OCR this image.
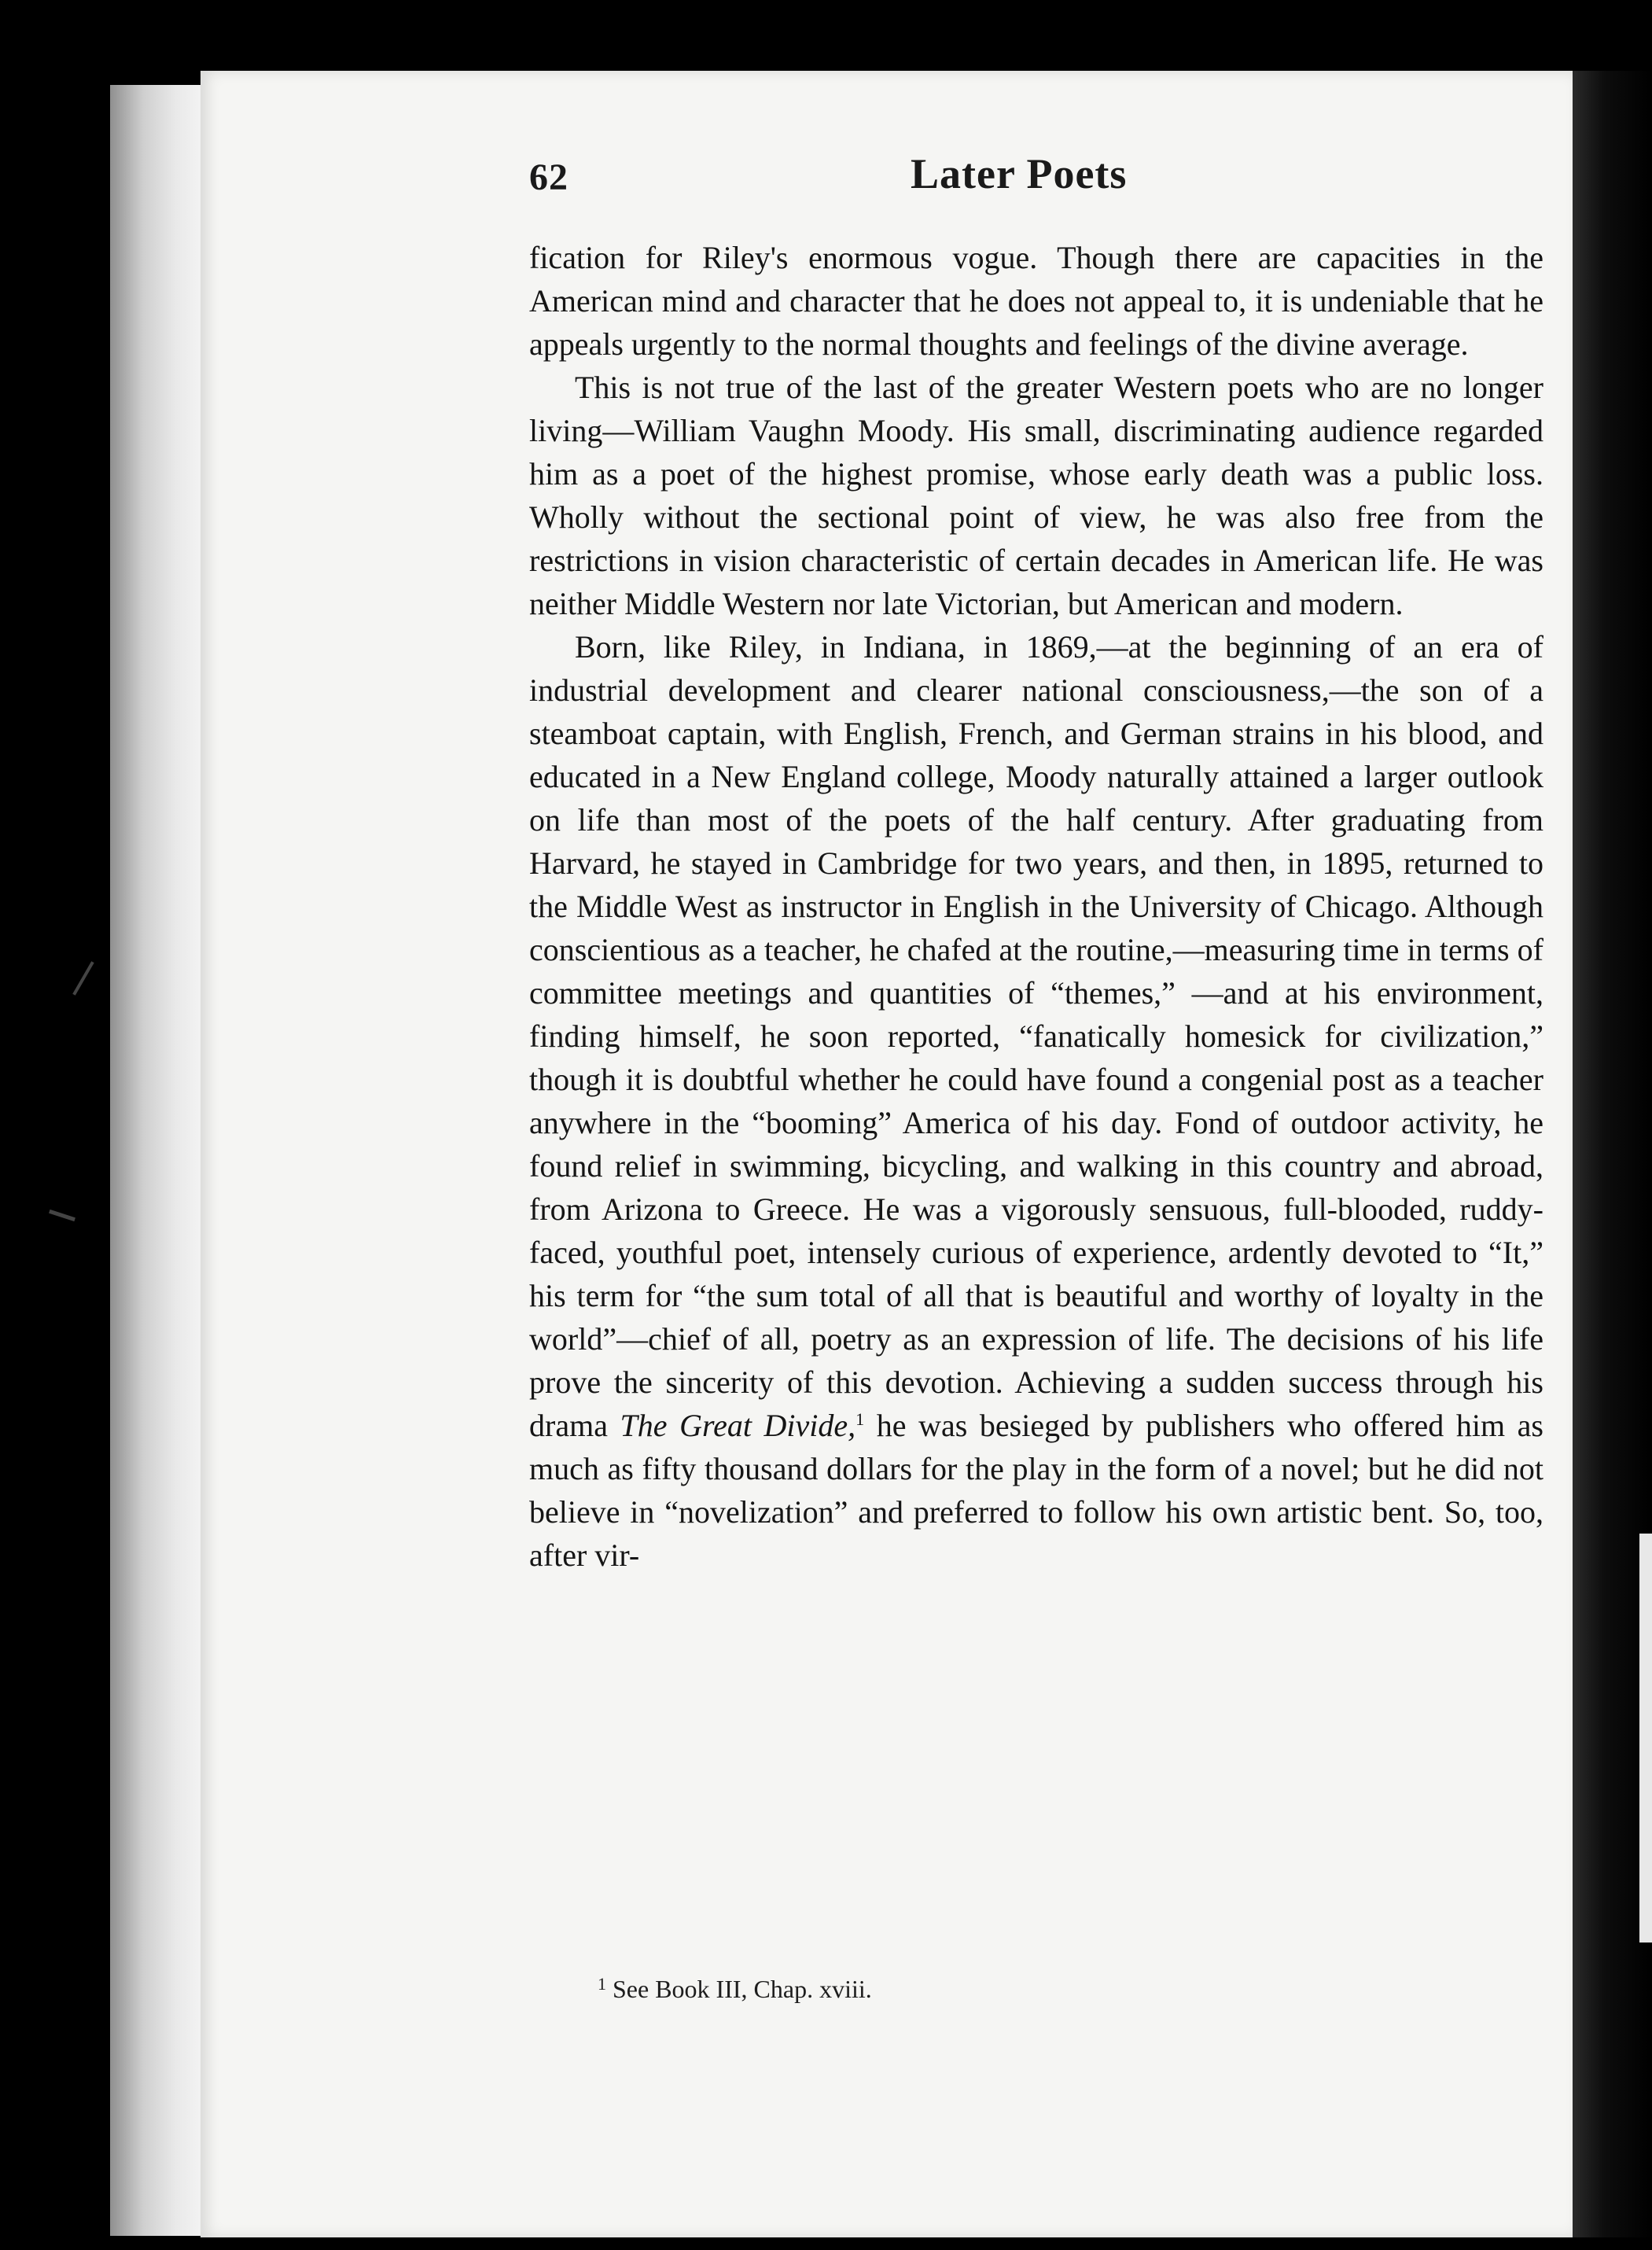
62	Later Poets

fication for Riley's enormous vogue. Though there are capacities in the American mind and character that he does not appeal to, it is undeniable that he appeals urgently to the normal thoughts and feelings of the divine average.

This is not true of the last of the greater Western poets who are no longer living—William Vaughn Moody. His small, discriminating audience regarded him as a poet of the highest promise, whose early death was a public loss. Wholly without the sectional point of view, he was also free from the restrictions in vision characteristic of certain decades in American life. He was neither Middle Western nor late Victorian, but American and modern.

Born, like Riley, in Indiana, in 1869,—at the beginning of an era of industrial development and clearer national consciousness,—the son of a steamboat captain, with English, French, and German strains in his blood, and educated in a New England college, Moody naturally attained a larger outlook on life than most of the poets of the half century. After graduating from Harvard, he stayed in Cambridge for two years, and then, in 1895, returned to the Middle West as instructor in English in the University of Chicago. Although conscientious as a teacher, he chafed at the routine,—measuring time in terms of committee meetings and quantities of “themes,” —and at his environment, finding himself, he soon reported, “fanatically homesick for civilization,” though it is doubtful whether he could have found a congenial post as a teacher anywhere in the “booming” America of his day. Fond of outdoor activity, he found relief in swimming, bicycling, and walking in this country and abroad, from Arizona to Greece. He was a vigorously sensuous, full-blooded, ruddy-faced, youthful poet, intensely curious of experience, ardently devoted to “It,” his term for “the sum total of all that is beautiful and worthy of loyalty in the world”—chief of all, poetry as an expression of life. The decisions of his life prove the sincerity of this devotion. Achieving a sudden success through his drama The Great Divide,$^1$ he was besieged by publishers who offered him as much as fifty thousand dollars for the play in the form of a novel; but he did not believe in “novelization” and preferred to follow his own artistic bent. So, too, after vir-

$^1$ See Book III, Chap. xviii.
